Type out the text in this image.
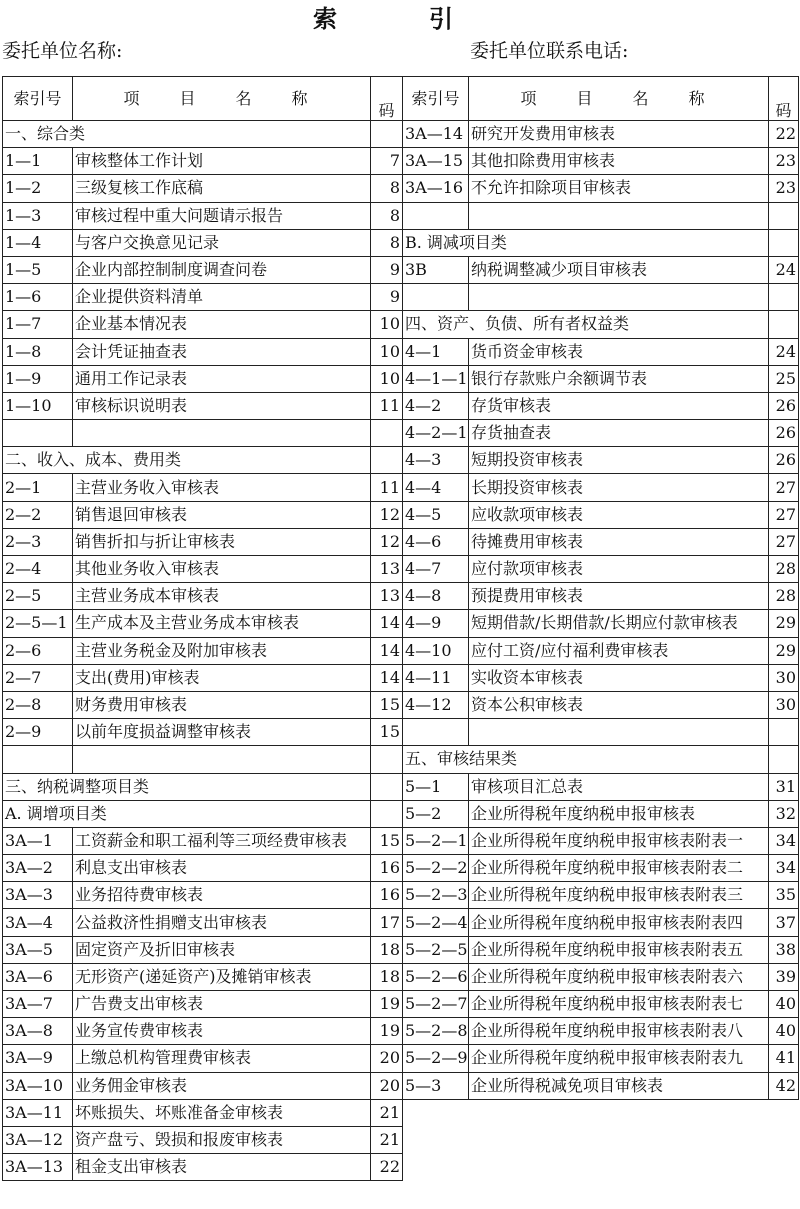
索　引
委托单位名称:	委托单位联系电话:
索引号	项　目　名　称	码
一、综合类		
1—1	审核整体工作计划	7
1—2	三级复核工作底稿	8
1—3	审核过程中重大问题请示报告	8
1—4	与客户交换意见记录	8
1—5	企业内部控制制度调查问卷	9
1—6	企业提供资料清单	9
1—7	企业基本情况表	10
1—8	会计凭证抽查表	10
1—9	通用工作记录表	10
1—10	审核标识说明表	11

二、收入、成本、费用类		
2—1	主营业务收入审核表	11
2—2	销售退回审核表	12
2—3	销售折扣与折让审核表	12
2—4	其他业务收入审核表	13
2—5	主营业务成本审核表	13
2—5—1	生产成本及主营业务成本审核表	14
2—6	主营业务税金及附加审核表	14
2—7	支出(费用)审核表	14
2—8	财务费用审核表	15
2—9	以前年度损益调整审核表	15

三、纳税调整项目类		
A. 调增项目类		
3A—1	工资薪金和职工福利等三项经费审核表	15
3A—2	利息支出审核表	16
3A—3	业务招待费审核表	16
3A—4	公益救济性捐赠支出审核表	17
3A—5	固定资产及折旧审核表	18
3A—6	无形资产(递延资产)及摊销审核表	18
3A—7	广告费支出审核表	19
3A—8	业务宣传费审核表	19
3A—9	上缴总机构管理费审核表	20
3A—10	业务佣金审核表	20
3A—11	坏账损失、坏账准备金审核表	21
3A—12	资产盘亏、毁损和报废审核表	21
3A—13	租金支出审核表	22
索引号	项　目　名　称	码
3A—14	研究开发费用审核表	22
3A—15	其他扣除费用审核表	23
3A—16	不允许扣除项目审核表	23

B. 调减项目类		
3B	纳税调整减少项目审核表	24

四、资产、负债、所有者权益类		
4—1	货币资金审核表	24
4—1—1	银行存款账户余额调节表	25
4—2	存货审核表	26
4—2—1	存货抽查表	26
4—3	短期投资审核表	26
4—4	长期投资审核表	27
4—5	应收款项审核表	27
4—6	待摊费用审核表	27
4—7	应付款项审核表	28
4—8	预提费用审核表	28
4—9	短期借款/长期借款/长期应付款审核表	29
4—10	应付工资/应付福利费审核表	29
4—11	实收资本审核表	30
4—12	资本公积审核表	30

五、审核结果类		
5—1	审核项目汇总表	31

5—2	企业所得税年度纳税申报审核表	32

5—2—1	企业所得税年度纳税申报审核表附表一	34
5—2—2	企业所得税年度纳税申报审核表附表二	34
5—2—3	企业所得税年度纳税申报审核表附表三	35

5—2—4	企业所得税年度纳税申报审核表附表四	37
5—2—5	企业所得税年度纳税申报审核表附表五	38
5—2—6	企业所得税年度纳税申报审核表附表六	39
5—2—7	企业所得税年度纳税申报审核表附表七	40
5—2—8	企业所得税年度纳税申报审核表附表八	40
5—2—9	企业所得税年度纳税申报审核表附表九	41
5—3	企业所得税减免项目审核表	42
